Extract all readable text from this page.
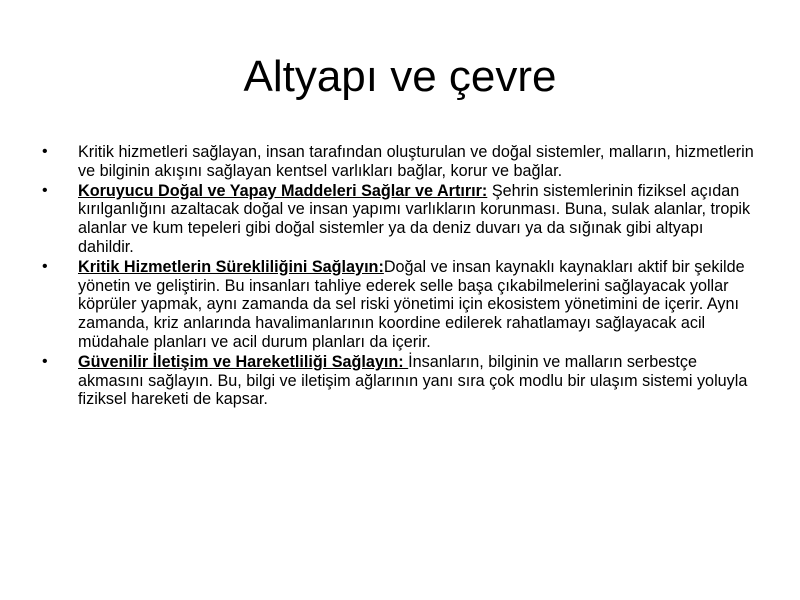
Altyapı ve çevre
• Kritik hizmetleri sağlayan, insan tarafından oluşturulan ve doğal sistemler, malların, hizmetlerin ve bilginin akışını sağlayan kentsel varlıkları bağlar, korur ve bağlar.
• Koruyucu Doğal ve Yapay Maddeleri Sağlar ve Artırır: Şehrin sistemlerinin fiziksel açıdan kırılganlığını azaltacak doğal ve insan yapımı varlıkların korunması. Buna, sulak alanlar, tropik alanlar ve kum tepeleri gibi doğal sistemler ya da deniz duvarı ya da sığınak gibi altyapı dahildir.
• Kritik Hizmetlerin Sürekliliğini Sağlayın:Doğal ve insan kaynaklı kaynakları aktif bir şekilde yönetin ve geliştirin. Bu insanları tahliye ederek selle başa çıkabilmelerini sağlayacak yollar köprüler yapmak, aynı zamanda da sel riski yönetimi için ekosistem yönetimini de içerir. Aynı zamanda, kriz anlarında havalimanlarının koordine edilerek rahatlamayı sağlayacak acil müdahale planları ve acil durum planları da içerir.
• Güvenilir İletişim ve Hareketliliği Sağlayın: İnsanların, bilginin ve malların serbestçe akmasını sağlayın. Bu, bilgi ve iletişim ağlarının yanı sıra çok modlu bir ulaşım sistemi yoluyla fiziksel hareketi de kapsar.
